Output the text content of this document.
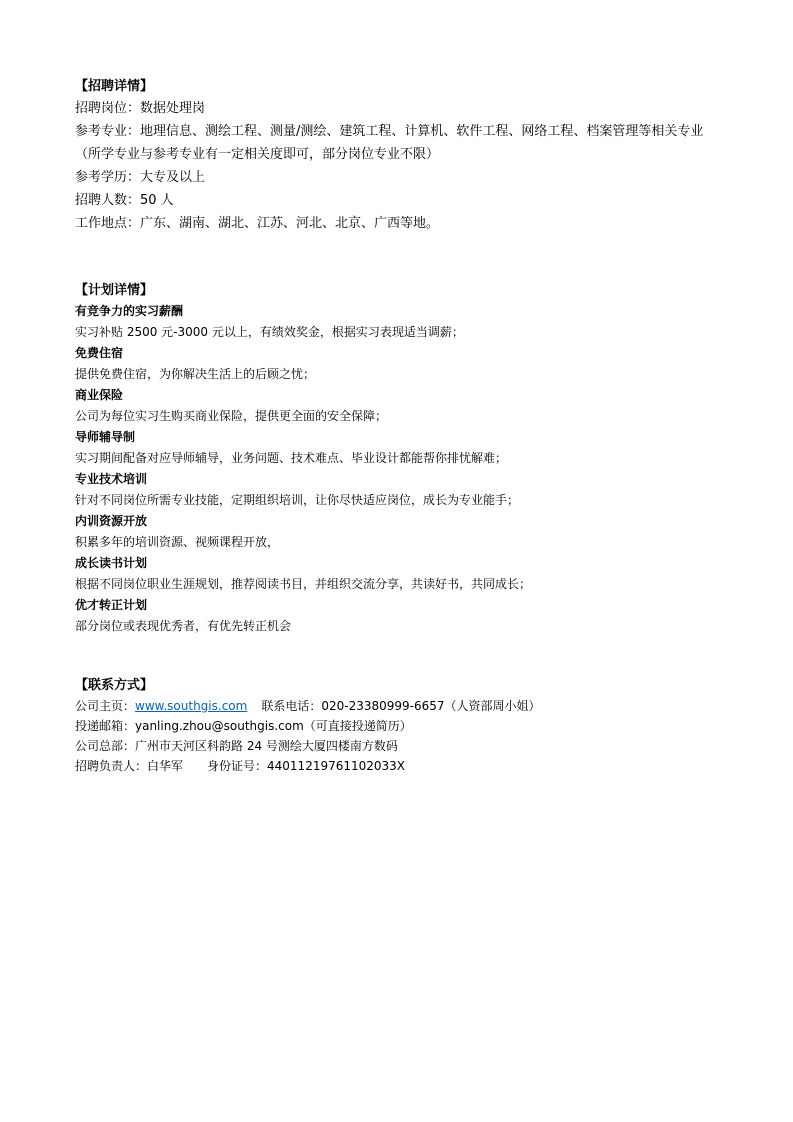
【招聘详情】
招聘岗位：数据处理岗
参考专业：地理信息、测绘工程、测量/测绘、建筑工程、计算机、软件工程、网络工程、档案管理等相关专业
（所学专业与参考专业有一定相关度即可，部分岗位专业不限）
参考学历：大专及以上
招聘人数：50 人
工作地点：广东、湖南、湖北、江苏、河北、北京、广西等地。
【计划详情】
有竞争力的实习薪酬
实习补贴 2500 元-3000 元以上，有绩效奖金，根据实习表现适当调薪；
免费住宿
提供免费住宿，为你解决生活上的后顾之忧；
商业保险
公司为每位实习生购买商业保险，提供更全面的安全保障；
导师辅导制
实习期间配备对应导师辅导，业务问题、技术难点、毕业设计都能帮你排忧解难；
专业技术培训
针对不同岗位所需专业技能，定期组织培训，让你尽快适应岗位，成长为专业能手；
内训资源开放
积累多年的培训资源、视频课程开放，
成长读书计划
根据不同岗位职业生涯规划，推荐阅读书目，并组织交流分享，共读好书，共同成长；
优才转正计划
部分岗位或表现优秀者，有优先转正机会
【联系方式】
公司主页：www.southgis.com 联系电话：020-23380999-6657（人资部周小姐）
投递邮箱：yanling.zhou@southgis.com（可直接投递简历）
公司总部：广州市天河区科韵路 24 号测绘大厦四楼南方数码
招聘负责人：白华军 身份证号：44011219761102033X
